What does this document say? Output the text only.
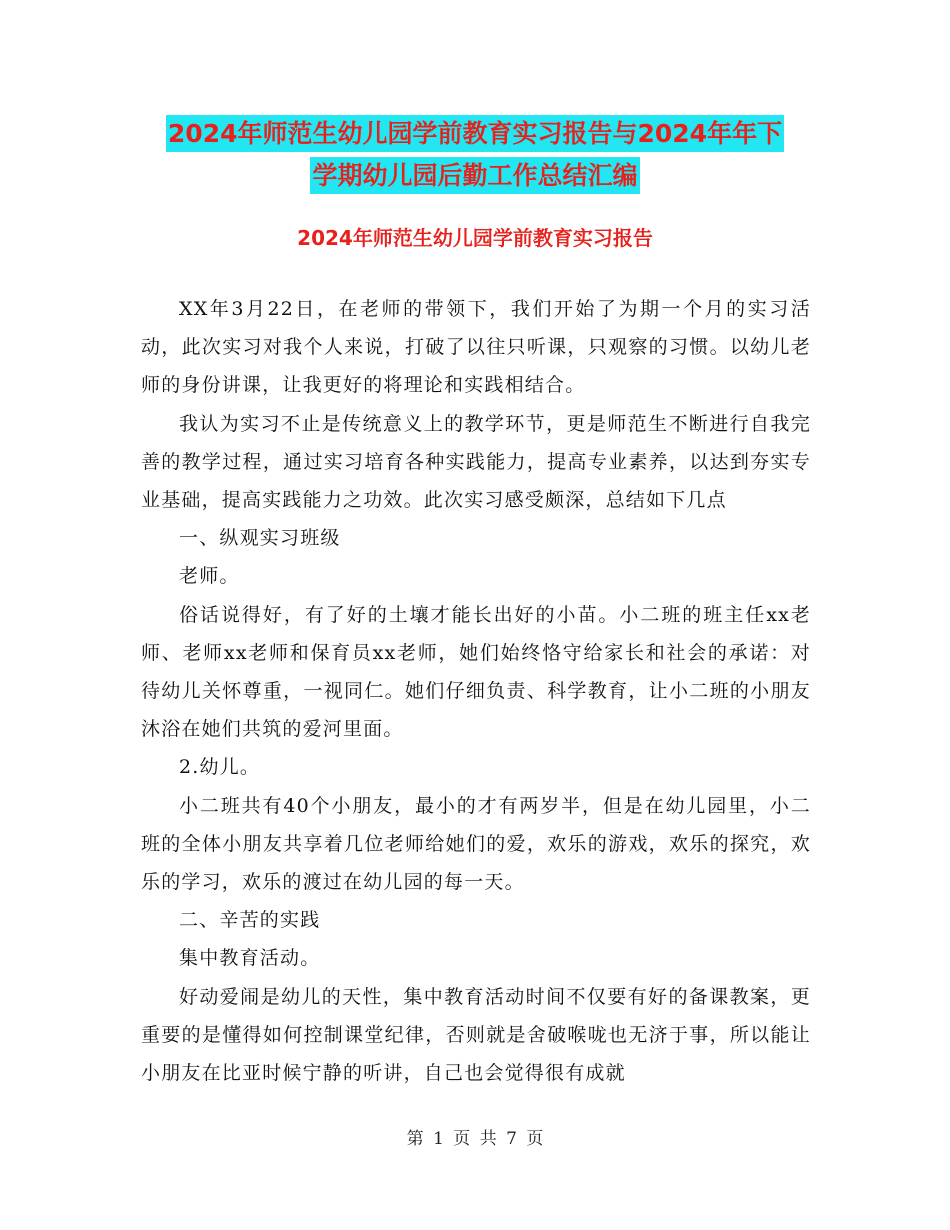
2024年师范生幼儿园学前教育实习报告与2024年年下
学期幼儿园后勤工作总结汇编
2024年师范生幼儿园学前教育实习报告

XX年3月22日，在老师的带领下，我们开始了为期一个月的实习活动，此次实习对我个人来说，打破了以往只听课，只观察的习惯。以幼儿老师的身份讲课，让我更好的将理论和实践相结合。

我认为实习不止是传统意义上的教学环节，更是师范生不断进行自我完善的教学过程，通过实习培育各种实践能力，提高专业素养，以达到夯实专业基础，提高实践能力之功效。此次实习感受颇深，总结如下几点

一、纵观实习班级

老师。

俗话说得好，有了好的土壤才能长出好的小苗。小二班的班主任xx老师、老师xx老师和保育员xx老师，她们始终恪守给家长和社会的承诺：对待幼儿关怀尊重，一视同仁。她们仔细负责、科学教育，让小二班的小朋友沐浴在她们共筑的爱河里面。

2.幼儿。

小二班共有40个小朋友，最小的才有两岁半，但是在幼儿园里，小二班的全体小朋友共享着几位老师给她们的爱，欢乐的游戏，欢乐的探究，欢乐的学习，欢乐的渡过在幼儿园的每一天。

二、辛苦的实践

集中教育活动。

好动爱闹是幼儿的天性，集中教育活动时间不仅要有好的备课教案，更重要的是懂得如何控制课堂纪律，否则就是舍破喉咙也无济于事，所以能让小朋友在比亚时候宁静的听讲，自己也会觉得很有成就

第 1 页 共 7 页
